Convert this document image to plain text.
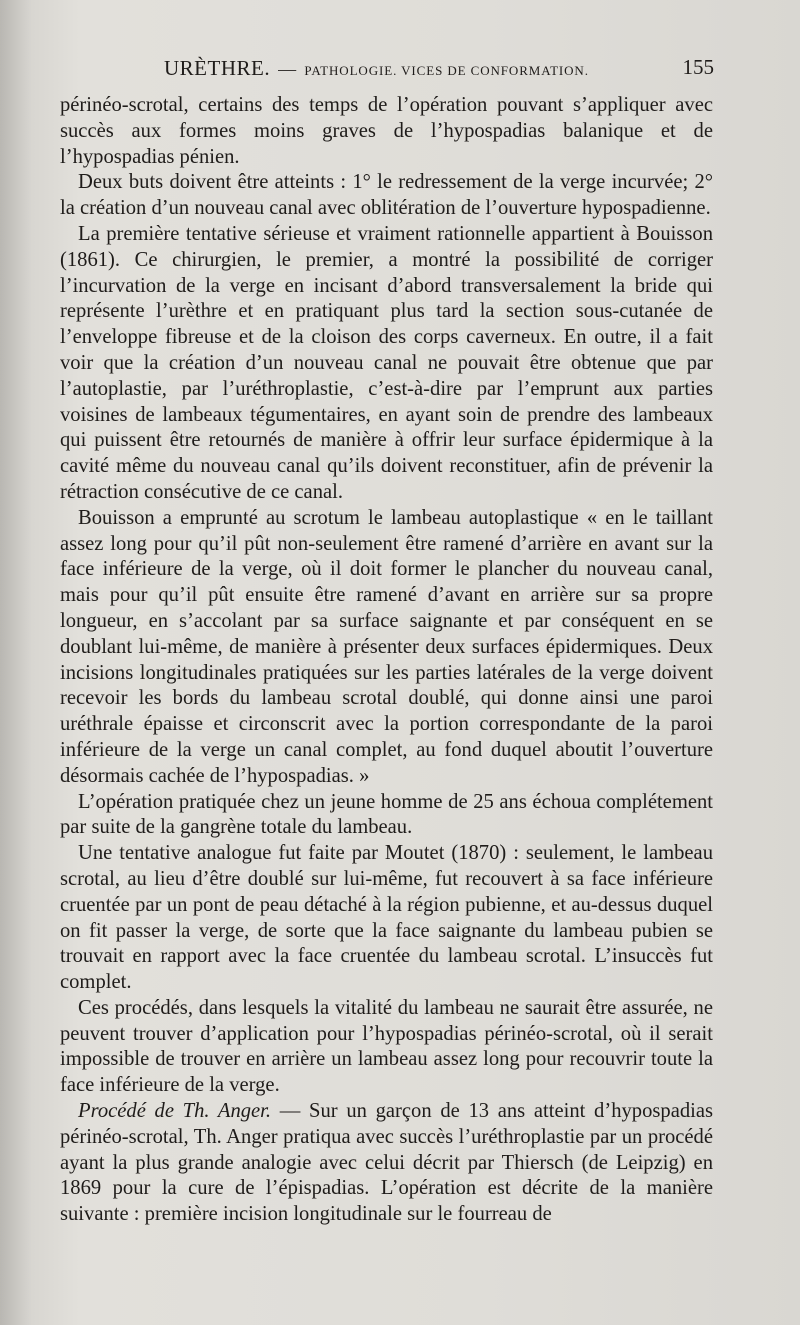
URÈTHRE. — PATHOLOGIE. VICES DE CONFORMATION.	155

périnéo-scrotal, certains des temps de l’opération pouvant s’appliquer avec succès aux formes moins graves de l’hypospadias balanique et de l’hypospadias pénien.

Deux buts doivent être atteints : 1° le redressement de la verge incurvée; 2° la création d’un nouveau canal avec oblitération de l’ouverture hypospadienne.

La première tentative sérieuse et vraiment rationnelle appartient à Bouisson (1861). Ce chirurgien, le premier, a montré la possibilité de corriger l’incurvation de la verge en incisant d’abord transversalement la bride qui représente l’urèthre et en pratiquant plus tard la section sous-cutanée de l’enveloppe fibreuse et de la cloison des corps caverneux. En outre, il a fait voir que la création d’un nouveau canal ne pouvait être obtenue que par l’autoplastie, par l’uréthroplastie, c’est-à-dire par l’emprunt aux parties voisines de lambeaux tégumentaires, en ayant soin de prendre des lambeaux qui puissent être retournés de manière à offrir leur surface épidermique à la cavité même du nouveau canal qu’ils doivent reconstituer, afin de prévenir la rétraction consécutive de ce canal.

Bouisson a emprunté au scrotum le lambeau autoplastique « en le taillant assez long pour qu’il pût non-seulement être ramené d’arrière en avant sur la face inférieure de la verge, où il doit former le plancher du nouveau canal, mais pour qu’il pût ensuite être ramené d’avant en arrière sur sa propre longueur, en s’accolant par sa surface saignante et par conséquent en se doublant lui-même, de manière à présenter deux surfaces épidermiques. Deux incisions longitudinales pratiquées sur les parties latérales de la verge doivent recevoir les bords du lambeau scrotal doublé, qui donne ainsi une paroi uréthrale épaisse et circonscrit avec la portion correspondante de la paroi inférieure de la verge un canal complet, au fond duquel aboutit l’ouverture désormais cachée de l’hypospadias. »

L’opération pratiquée chez un jeune homme de 25 ans échoua complétement par suite de la gangrène totale du lambeau.

Une tentative analogue fut faite par Moutet (1870) : seulement, le lambeau scrotal, au lieu d’être doublé sur lui-même, fut recouvert à sa face inférieure cruentée par un pont de peau détaché à la région pubienne, et au-dessus duquel on fit passer la verge, de sorte que la face saignante du lambeau pubien se trouvait en rapport avec la face cruentée du lambeau scrotal. L’insuccès fut complet.

Ces procédés, dans lesquels la vitalité du lambeau ne saurait être assurée, ne peuvent trouver d’application pour l’hypospadias périnéo-scrotal, où il serait impossible de trouver en arrière un lambeau assez long pour recouvrir toute la face inférieure de la verge.

Procédé de Th. Anger. — Sur un garçon de 13 ans atteint d’hypospadias périnéo-scrotal, Th. Anger pratiqua avec succès l’uréthroplastie par un procédé ayant la plus grande analogie avec celui décrit par Thiersch (de Leipzig) en 1869 pour la cure de l’épispadias. L’opération est décrite de la manière suivante : première incision longitudinale sur le fourreau de
